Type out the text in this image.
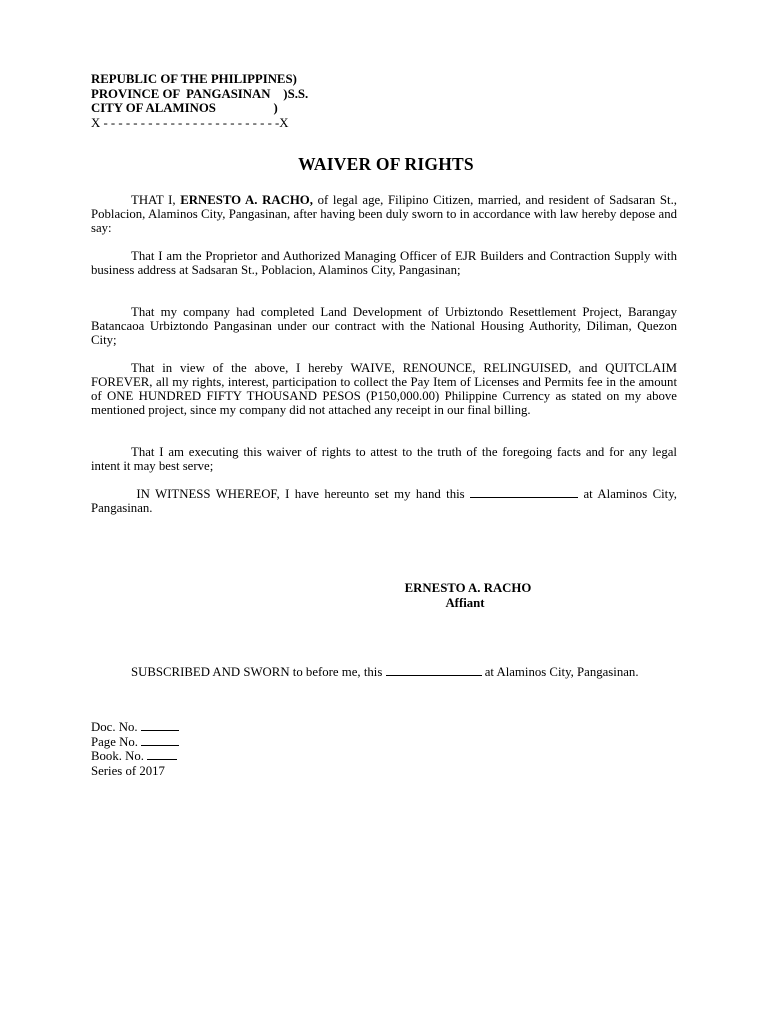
REPUBLIC OF THE PHILIPPINES)
PROVINCE OF  PANGASINAN    )S.S.
CITY OF ALAMINOS                  )
X - - - - - - - - - - - - - - - - - - - - - - - -X
WAIVER OF RIGHTS

THAT I, ERNESTO A. RACHO, of legal age, Filipino Citizen, married, and resident of Sadsaran St., Poblacion, Alaminos City, Pangasinan, after having been duly sworn to in accordance with law hereby depose and say:

That I am the Proprietor and Authorized Managing Officer of EJR Builders and Contraction Supply with business address at Sadsaran St., Poblacion, Alaminos City, Pangasinan;

That my company had completed Land Development of Urbiztondo Resettlement Project, Barangay Batancaoa Urbiztondo Pangasinan under our contract with the National Housing Authority, Diliman, Quezon City;

That in view of the above, I hereby WAIVE, RENOUNCE, RELINGUISED, and QUITCLAIM FOREVER, all my rights, interest, participation to collect the Pay Item of Licenses and Permits fee in the amount of ONE HUNDRED FIFTY THOUSAND PESOS (P150,000.00) Philippine Currency as stated on my above mentioned project, since my company did not attached any receipt in our final billing.

That I am executing this waiver of rights to attest to the truth of the foregoing facts and for any legal intent it may best serve;

IN WITNESS WHEREOF, I have hereunto set my hand this	at Alaminos City, Pangasinan.

ERNESTO A. RACHO
Affiant

SUBSCRIBED AND SWORN to before me, this	at Alaminos City, Pangasinan.

Doc. No.
Page No.
Book. No.
Series of 2017
